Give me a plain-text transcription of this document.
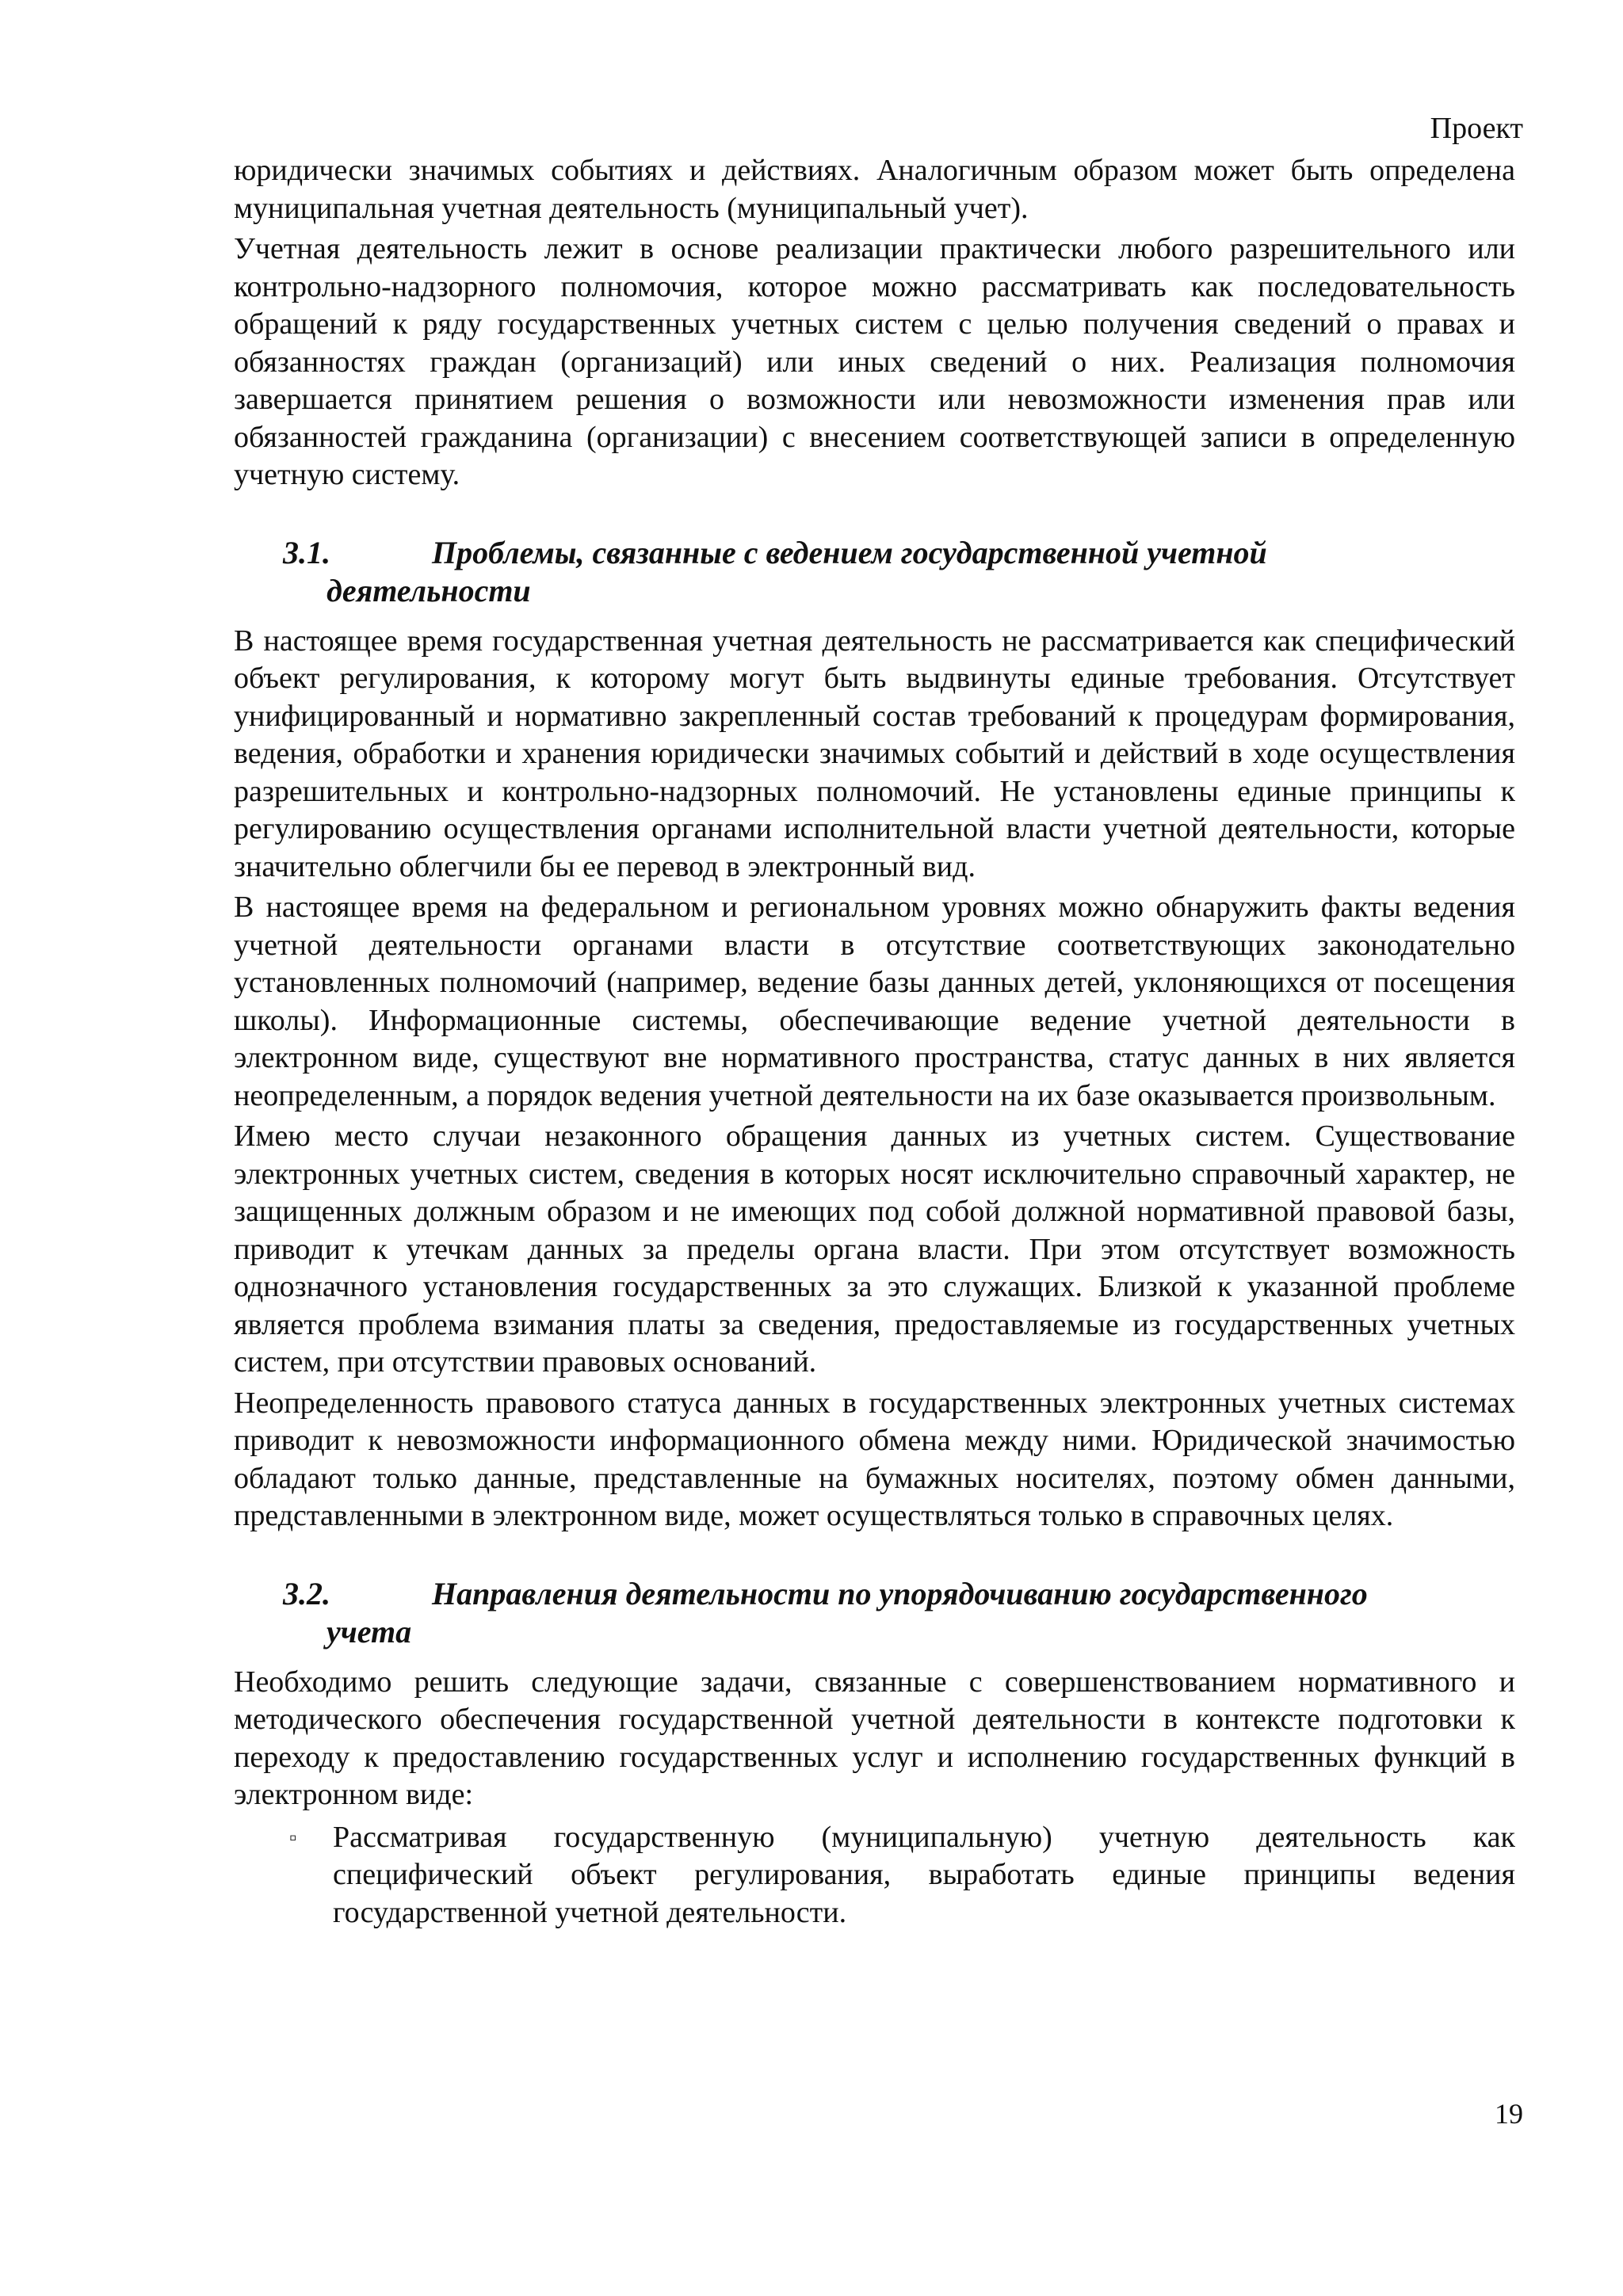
Проект

юридически значимых событиях и действиях. Аналогичным образом может быть определена муниципальная учетная деятельность (муниципальный учет).

Учетная деятельность лежит в основе реализации практически любого разрешительного или контрольно-надзорного полномочия, которое можно рассматривать как последовательность обращений к ряду государственных учетных систем с целью получения сведений о правах и обязанностях граждан (организаций) или иных сведений о них. Реализация полномочия завершается принятием решения о возможности или невозможности изменения прав или обязанностей гражданина (организации) с внесением соответствующей записи в определенную учетную систему.

3.1.	Проблемы, связанные с ведением государственной учетной
деятельности

В настоящее время государственная учетная деятельность не рассматривается как специфический объект регулирования, к которому могут быть выдвинуты единые требования. Отсутствует унифицированный и нормативно закрепленный состав требований к процедурам формирования, ведения, обработки и хранения юридически значимых событий и действий в ходе осуществления разрешительных и контрольно-надзорных полномочий. Не установлены единые принципы к регулированию осуществления органами исполнительной власти учетной деятельности, которые значительно облегчили бы ее перевод в электронный вид.

В настоящее время на федеральном и региональном уровнях можно обнаружить факты ведения учетной деятельности органами власти в отсутствие соответствующих законодательно установленных полномочий (например, ведение базы данных детей, уклоняющихся от посещения школы). Информационные системы, обеспечивающие ведение учетной деятельности в электронном виде, существуют вне нормативного пространства, статус данных в них является неопределенным, а порядок ведения учетной деятельности на их базе оказывается произвольным.

Имею место случаи незаконного обращения данных из учетных систем. Существование электронных учетных систем, сведения в которых носят исключительно справочный характер, не защищенных должным образом и не имеющих под собой должной нормативной правовой базы, приводит к утечкам данных за пределы органа власти. При этом отсутствует возможность однозначного установления государственных за это служащих. Близкой к указанной проблеме является проблема взимания платы за сведения, предоставляемые из государственных учетных систем, при отсутствии правовых оснований.

Неопределенность правового статуса данных в государственных электронных учетных системах приводит к невозможности информационного обмена между ними. Юридической значимостью обладают только данные, представленные на бумажных носителях, поэтому обмен данными, представленными в электронном виде, может осуществляться только в справочных целях.

3.2.	Направления деятельности по упорядочиванию государственного
учета

Необходимо решить следующие задачи, связанные с совершенствованием нормативного и методического обеспечения государственной учетной деятельности в контексте подготовки к переходу к предоставлению государственных услуг и исполнению государственных функций в электронном виде:

▫	Рассматривая государственную (муниципальную) учетную деятельность как специфический объект регулирования, выработать единые принципы ведения государственной учетной деятельности.
19
